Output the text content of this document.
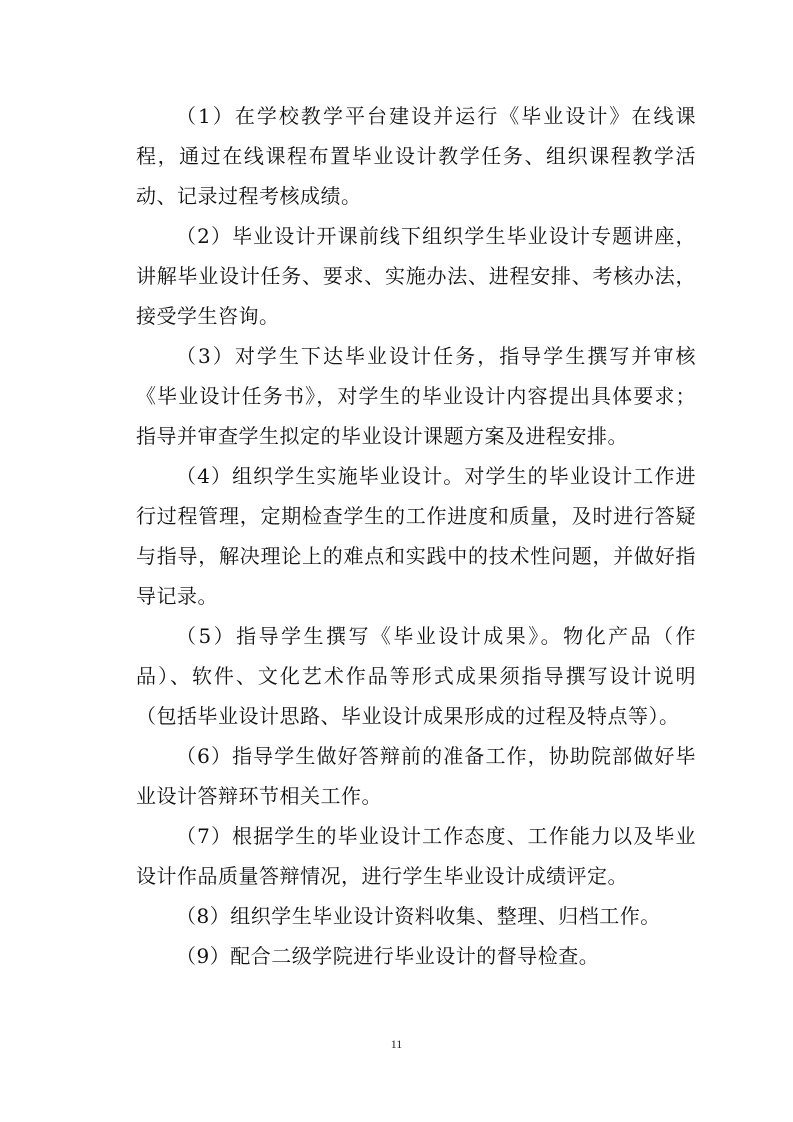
（1）在学校教学平台建设并运行《毕业设计》在线课程，通过在线课程布置毕业设计教学任务、组织课程教学活动、记录过程考核成绩。

（2）毕业设计开课前线下组织学生毕业设计专题讲座，讲解毕业设计任务、要求、实施办法、进程安排、考核办法，接受学生咨询。

（3）对学生下达毕业设计任务，指导学生撰写并审核《毕业设计任务书》，对学生的毕业设计内容提出具体要求；指导并审查学生拟定的毕业设计课题方案及进程安排。

（4）组织学生实施毕业设计。对学生的毕业设计工作进行过程管理，定期检查学生的工作进度和质量，及时进行答疑与指导，解决理论上的难点和实践中的技术性问题，并做好指导记录。

（5）指导学生撰写《毕业设计成果》。物化产品（作品）、软件、文化艺术作品等形式成果须指导撰写设计说明（包括毕业设计思路、毕业设计成果形成的过程及特点等）。

（6）指导学生做好答辩前的准备工作，协助院部做好毕业设计答辩环节相关工作。

（7）根据学生的毕业设计工作态度、工作能力以及毕业设计作品质量答辩情况，进行学生毕业设计成绩评定。

（8）组织学生毕业设计资料收集、整理、归档工作。

（9）配合二级学院进行毕业设计的督导检查。

11
